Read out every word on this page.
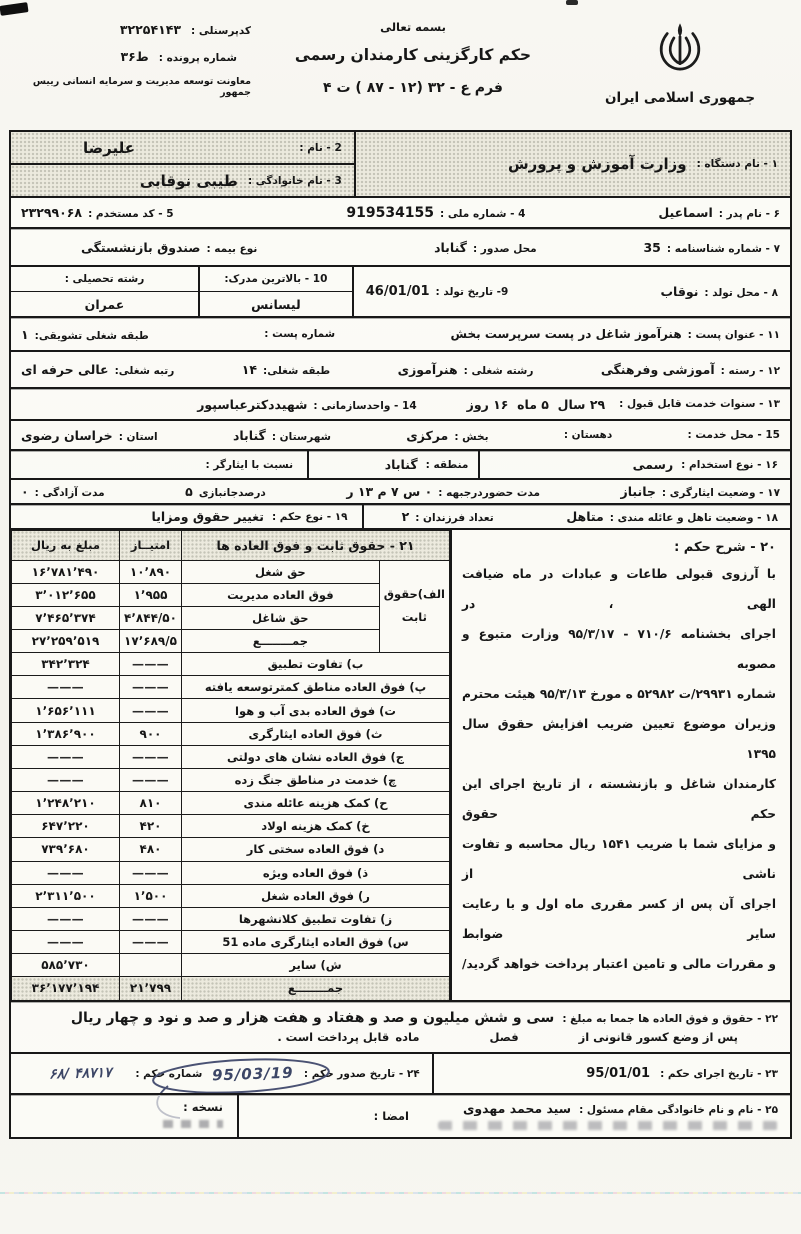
جمهوری اسلامی ایران
بسمه تعالی
حکم کارگزینی کارمندان رسمی
فرم ع - ۳۲ (۱۲ - ۸۷ ) ت ۴
کدپرسنلی :
۳۲۲۵۴۱۴۳
شماره پرونده :
ط۳۶
معاونت توسعه مدیریت و سرمایه انسانی رییس جمهور
۱ - نام دستگاه :
وزارت آموزش و پرورش
2 - نام :
علیرضا
3 - نام خانوادگی :
طیبی نوقابی
۶ - نام پدر :
اسماعیل
4 - شماره ملی :
919534155
5 - کد مستخدم :
۲۳۲۹۹۰۶۸
۷ - شماره شناسنامه :
35
محل صدور :
گناباد
نوع بیمه :
صندوق بازنشستگی
۸ - محل تولد :
نوقاب
9- تاریخ تولد :
46/01/01
10 - بالاترین مدرک:
لیسانس
رشته تحصیلی :
عمران
۱۱ - عنوان پست :
هنرآموز شاغل در پست سرپرست بخش
شماره پست :
طبقه شغلی تشویقی:
۱
۱۲ - رسته :
آموزشی وفرهنگی
رشته شغلی :
هنرآموزی
طبقه شغلی:
۱۴
رتبه شغلی:
عالی حرفه ای
۱۳ - سنوات خدمت قابل قبول :
۲۹ سال ‏ ۵ ماه ‏ ۱۶ روز
14 - واحدسازمانی :
شهیددکترعباسپور
15 - محل خدمت :
دهستان :
بخش :
مرکزی
شهرستان :
گناباد
استان :
خراسان رضوی
۱۶ - نوع استخدام :
رسمی
منطقه :
گناباد
نسبت با ایثارگر :
۱۷ - وضعیت ایثارگری :
جانباز
مدت حضوردرجبهه :
۰ س ۷ م ۱۳ ر
درصدجانبازی
۵
مدت آزادگی :
۰
۱۸ - وضعیت تاهل و عائله مندی :
متاهل
تعداد فرزندان :
۲
۱۹ - نوع حکم :
تغییر حقوق ومزایا
۲۰ - شرح حکم :
با آرزوی قبولی طاعات و عبادات در ماه ضیافت الهی ، در
اجرای بخشنامه ۷۱۰/۶ - ۹۵/۳/۱۷ وزارت متبوع و مصوبه
شماره ۲۹۹۳۱/ت ۵۲۹۸۲ ه مورخ ۹۵/۳/۱۳ هیئت محترم
وزیران موضوع تعیین ضریب افزایش حقوق سال ۱۳۹۵
کارمندان شاغل و بازنشسته ، از تاریخ اجرای این حکم حقوق
و مزایای شما با ضریب ۱۵۴۱ ریال محاسبه و تفاوت ناشی از
اجرای آن پس از کسر مقرری ماه اول و با رعایت سایر ضوابط
و مقررات مالی و تامین اعتبار پرداخت خواهد گردید/
۲۱ - حقوق ثابت و فوق العاده ها		امتیــاز	مبلغ به ریال
الف)حقوق ثابت	حق شغل	۱۰٬۸۹۰	۱۶٬۷۸۱٬۴۹۰
	فوق العاده مدیریت	۱٬۹۵۵	۳٬۰۱۲٬۶۵۵
	حق شاغل	۴٬۸۴۴/۵۰	۷٬۴۶۵٬۳۷۴
	جمــــــــع	۱۷٬۶۸۹/۵	۲۷٬۲۵۹٬۵۱۹
ب) تفاوت تطبیق		———	۳۴۲٬۳۲۴
پ) فوق العاده مناطق کمترتوسعه یافته		———	———
ت) فوق العاده بدی آب و هوا		———	۱٬۶۵۶٬۱۱۱
ث) فوق العاده ایثارگری		۹۰۰	۱٬۳۸۶٬۹۰۰
ج) فوق العاده نشان های دولتی		———	———
چ) خدمت در مناطق جنگ زده		———	———
ح) کمک هزینه عائله مندی		۸۱۰	۱٬۲۴۸٬۲۱۰
خ) کمک هزینه اولاد		۴۲۰	۶۴۷٬۲۲۰
د) فوق العاده سختی کار		۴۸۰	۷۳۹٬۶۸۰
ذ) فوق العاده ویژه		———	———
ر) فوق العاده شغل		۱٬۵۰۰	۲٬۳۱۱٬۵۰۰
ز) تفاوت تطبیق کلانشهرها		———	———
س) فوق العاده ایثارگری ماده 51		———	———
ش) سایر			۵۸۵٬۷۳۰
جمــــــــع		۲۱٬۷۹۹	۳۶٬۱۷۷٬۱۹۴
۲۲ - حقوق و فوق العاده ها جمعا به مبلغ :
سی و شش میلیون و صد و هفتاد و هفت هزار و صد و نود و چهار ریال
پس از وضع کسور قانونی از
فصل
ماده
قابل پرداخت است .
۲۳ - تاریخ اجرای حکم :
95/01/01
۲۴ - تاریخ صدور حکم :
95/03/19
شماره حکم :
۶۸/ ۴۸۷۱۷
۲۵ - نام و نام خانوادگی مقام مسئول :
سید محمد مهدوی
امضا :
نسخه :
